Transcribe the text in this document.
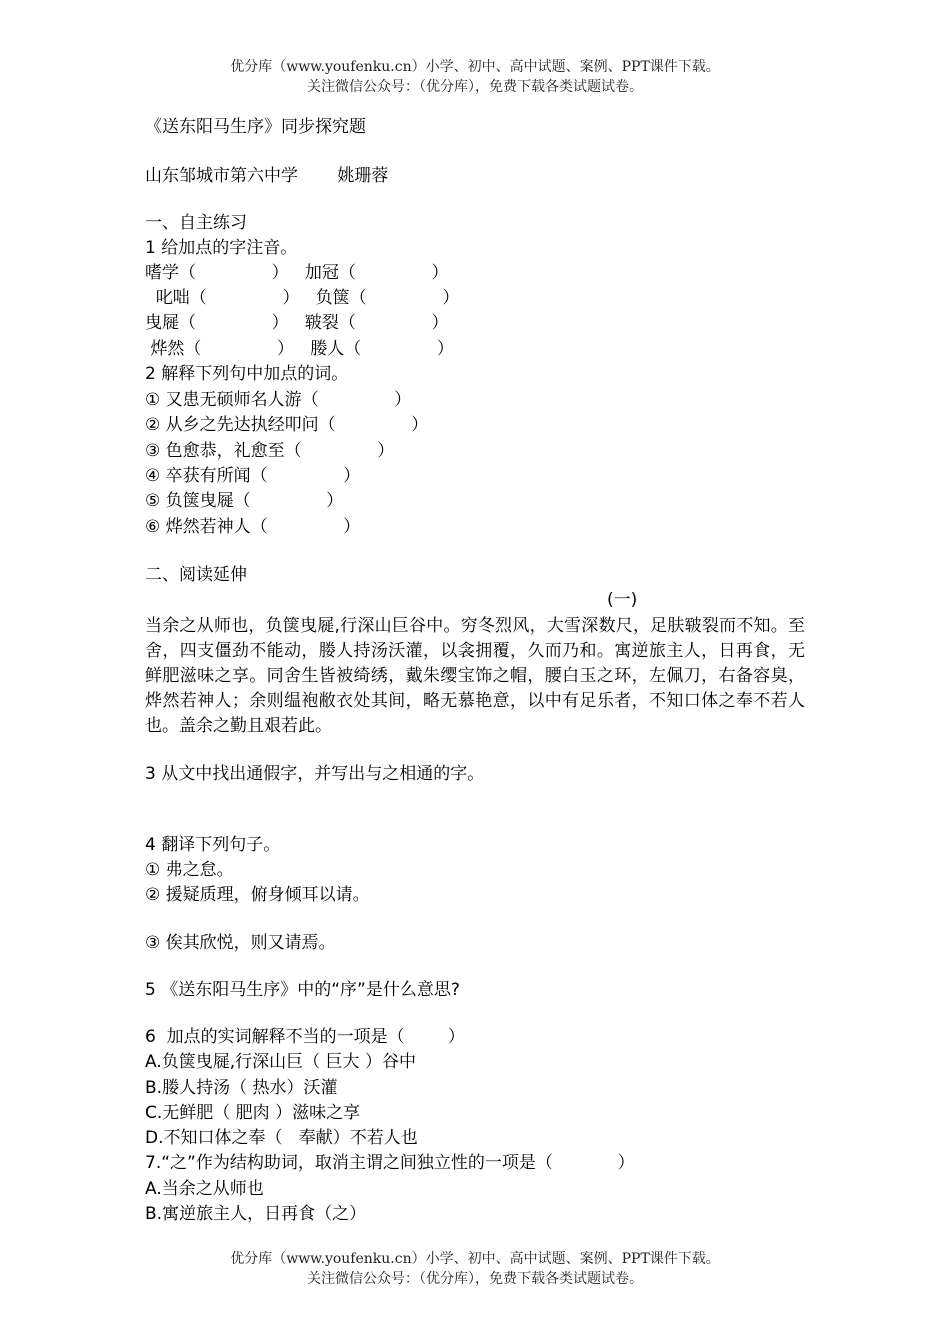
优分库（www.youfenku.cn）小学、初中、高中试题、案例、PPT课件下载。
关注微信公众号：（优分库），免费下载各类试题试卷。
《送东阳马生序》同步探究题
山东邹城市第六中学　　 姚珊蓉
一、自主练习
1 给加点的字注音。
嗜学（              ）   加冠（              ）
叱咄（              ）   负箧（              ）
曳屣（              ）   皲裂（              ）
烨然（              ）   媵人（              ）
2 解释下列句中加点的词。
① 又患无硕师名人游（              ）
② 从乡之先达执经叩问（              ）
③ 色愈恭，礼愈至（              ）
④ 卒获有所闻（              ）
⑤ 负箧曳屣（              ）
⑥ 烨然若神人（              ）
二、阅读延伸
(一)
当余之从师也，负箧曳屣,行深山巨谷中。穷冬烈风，大雪深数尺，足肤皲裂而不知。至舍，四支僵劲不能动，媵人持汤沃灌，以衾拥覆，久而乃和。寓逆旅主人，日再食，无鲜肥滋味之享。同舍生皆被绮绣，戴朱缨宝饰之帽，腰白玉之环，左佩刀，右备容臭，烨然若神人；余则缊袍敝衣处其间，略无慕艳意，以中有足乐者，不知口体之奉不若人也。盖余之勤且艰若此。
3 从文中找出通假字，并写出与之相通的字。
4 翻译下列句子。
① 弗之怠。
② 援疑质理，俯身倾耳以请。
③ 俟其欣悦，则又请焉。
5 《送东阳马生序》中的“序”是什么意思?
6  加点的实词解释不当的一项是（        ）
A.负箧曳屣,行深山巨（ 巨大 ）谷中
B.媵人持汤（ 热水）沃灌
C.无鲜肥（ 肥肉 ）滋味之享
D.不知口体之奉（   奉献）不若人也
7.“之”作为结构助词，取消主谓之间独立性的一项是（            ）
A.当余之从师也
B.寓逆旅主人，日再食（之）
优分库（www.youfenku.cn）小学、初中、高中试题、案例、PPT课件下载。
关注微信公众号：（优分库），免费下载各类试题试卷。
